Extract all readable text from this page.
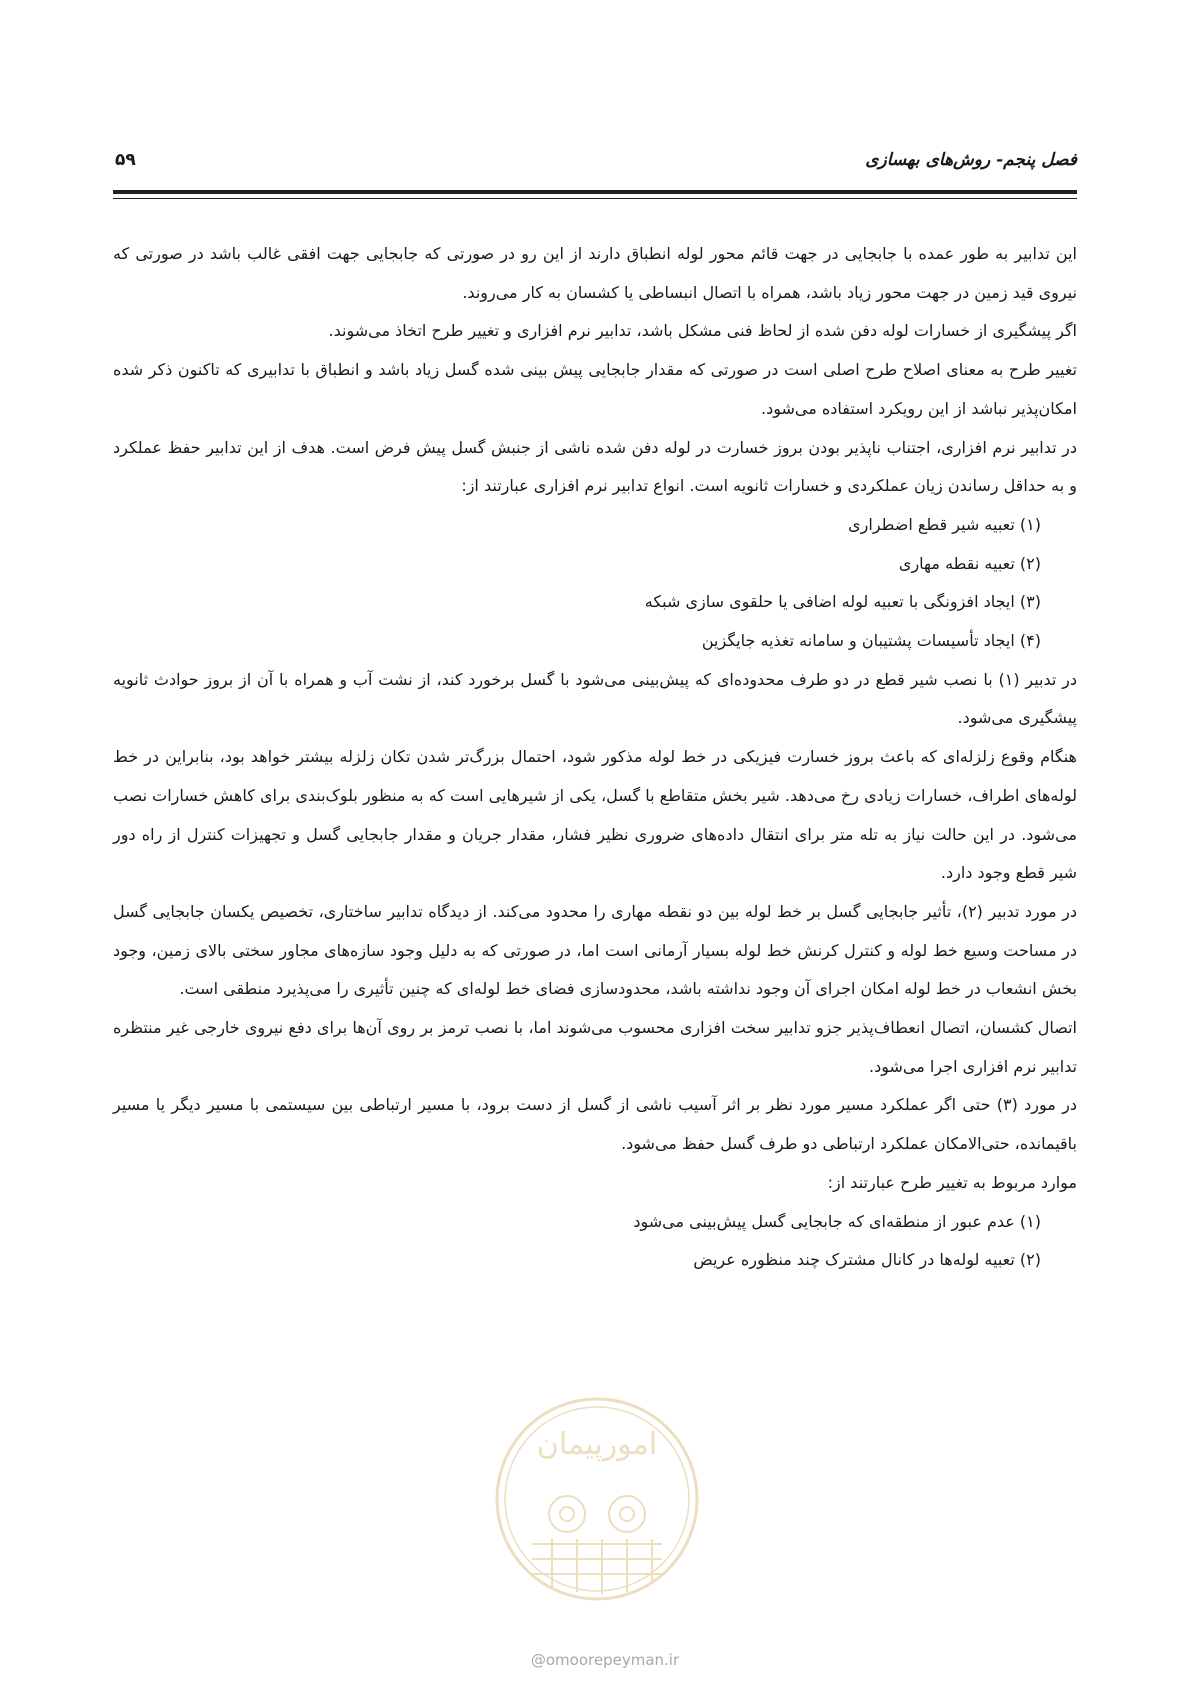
فصل پنجم- روش‌های بهسازی
۵۹

این تدابیر به طور عمده با جابجایی در جهت قائم محور لوله انطباق دارند از این رو در صورتی که جابجایی جهت افقی غالب باشد در صورتی که نیروی قید زمین در جهت محور زیاد باشد، همراه با اتصال انبساطی یا کشسان به کار می‌روند.

اگر پیشگیری از خسارات لوله دفن شده از لحاظ فنی مشکل باشد، تدابیر نرم افزاری و تغییر طرح اتخاذ می‌شوند.

تغییر طرح به معنای اصلاح طرح اصلی است در صورتی که مقدار جابجایی پیش بینی شده گسل زیاد باشد و انطباق با تدابیری که تاکنون ذکر شده امکان‌پذیر نباشد از این رویکرد استفاده می‌شود.

در تدابیر نرم افزاری، اجتناب ناپذیر بودن بروز خسارت در لوله دفن شده ناشی از جنبش گسل پیش فرض است. هدف از این تدابیر حفظ عملکرد و به حداقل رساندن زیان عملکردی و خسارات ثانویه است. انواع تدابیر نرم افزاری عبارتند از:

(۱) تعبیه شیر قطع اضطراری

(۲) تعبیه نقطه مهاری

(۳) ایجاد افزونگی با تعبیه لوله اضافی یا حلقوی سازی شبکه

(۴) ایجاد تأسیسات پشتیبان و سامانه تغذیه جایگزین

در تدبیر (۱) با نصب شیر قطع در دو طرف محدوده‌ای که پیش‌بینی می‌شود با گسل برخورد کند، از نشت آب و همراه با آن از بروز حوادث ثانویه پیشگیری می‌شود.

هنگام وقوع زلزله‌ای که باعث بروز خسارت فیزیکی در خط لوله مذکور شود، احتمال بزرگ‌تر شدن تکان زلزله بیشتر خواهد بود، بنابراین در خط لوله‌های اطراف، خسارات زیادی رخ می‌دهد. شیر بخش متقاطع با گسل، یکی از شیرهایی است که به منظور بلوک‌بندی برای کاهش خسارات نصب می‌شود. در این حالت نیاز به تله متر برای انتقال داده‌های ضروری نظیر فشار، مقدار جریان و مقدار جابجایی گسل و تجهیزات کنترل از راه دور شیر قطع وجود دارد.

در مورد تدبیر (۲)، تأثیر جابجایی گسل بر خط لوله بین دو نقطه مهاری را محدود می‌کند. از دیدگاه تدابیر ساختاری، تخصیص یکسان جابجایی گسل در مساحت وسیع خط لوله و کنترل کرنش خط لوله بسیار آرمانی است اما، در صورتی که به دلیل وجود سازه‌های مجاور سختی بالای زمین، وجود بخش انشعاب در خط لوله امکان اجرای آن وجود نداشته باشد، محدودسازی فضای خط لوله‌ای که چنین تأثیری را می‌پذیرد منطقی است.

اتصال کشسان، اتصال انعطاف‌پذیر جزو تدابیر سخت افزاری محسوب می‌شوند اما، با نصب ترمز بر روی آن‌ها برای دفع نیروی خارجی غیر منتظره تدابیر نرم افزاری اجرا می‌شود.

در مورد (۳) حتی اگر عملکرد مسیر مورد نظر بر اثر آسیب ناشی از گسل از دست برود، با مسیر ارتباطی بین سیستمی با مسیر دیگر یا مسیر باقیمانده، حتی‌الامکان عملکرد ارتباطی دو طرف گسل حفظ می‌شود.

موارد مربوط به تغییر طرح عبارتند از:

(۱) عدم عبور از منطقه‌ای که جابجایی گسل پیش‌بینی می‌شود

(۲) تعبیه لوله‌ها در کانال مشترک چند منظوره عریض

امورپیمان
@omoorepeyman.ir
